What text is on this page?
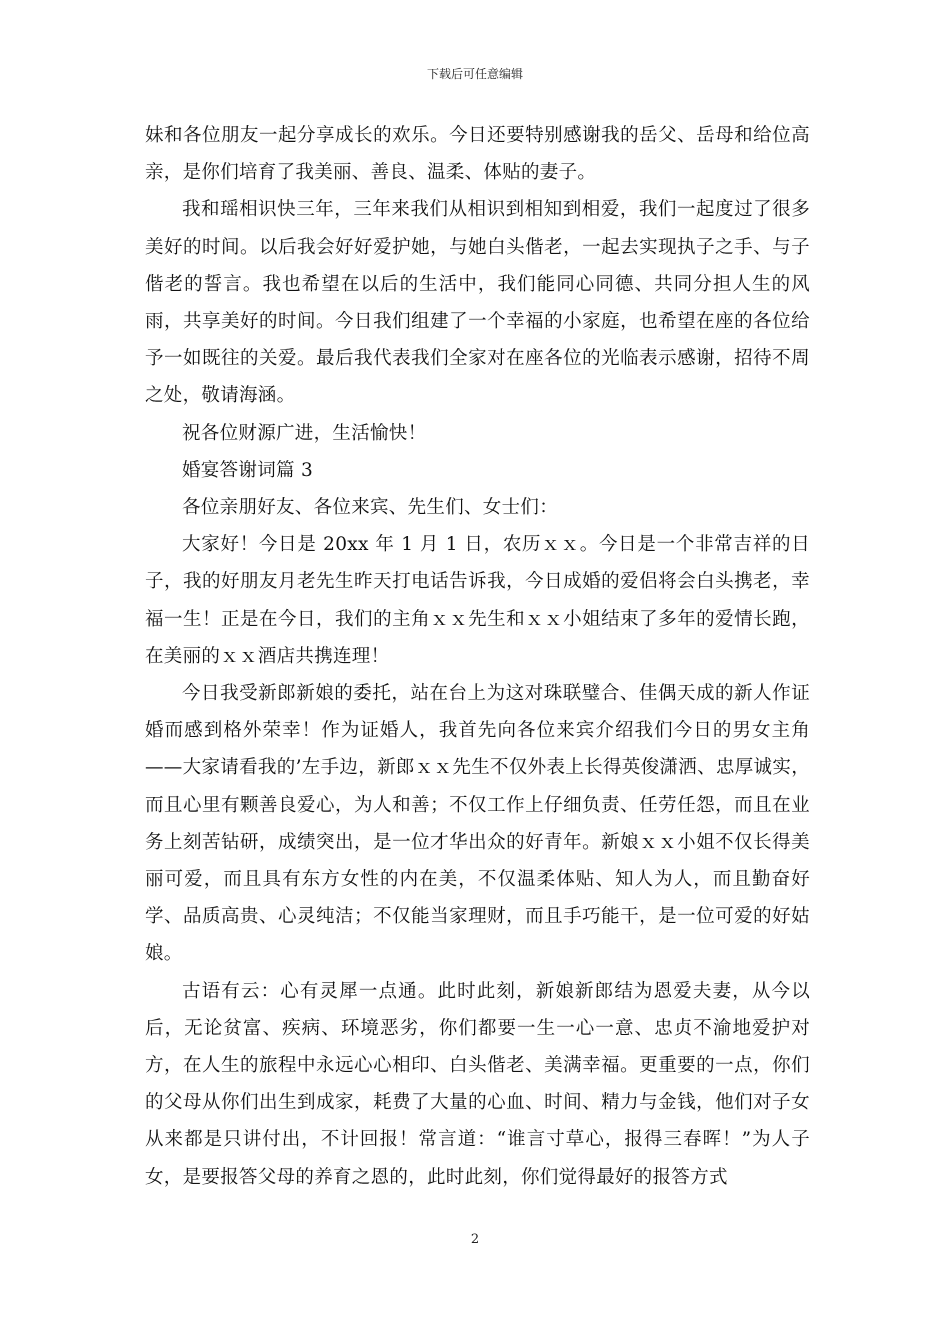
下载后可任意编辑

妹和各位朋友一起分享成长的欢乐。今日还要特别感谢我的岳父、岳母和给位高亲，是你们培育了我美丽、善良、温柔、体贴的妻子。

我和瑶相识快三年，三年来我们从相识到相知到相爱，我们一起度过了很多美好的时间。以后我会好好爱护她，与她白头偕老，一起去实现执子之手、与子偕老的誓言。我也希望在以后的生活中，我们能同心同德、共同分担人生的风雨，共享美好的时间。今日我们组建了一个幸福的小家庭，也希望在座的各位给予一如既往的关爱。最后我代表我们全家对在座各位的光临表示感谢，招待不周之处，敬请海涵。

祝各位财源广进，生活愉快！

婚宴答谢词篇 3

各位亲朋好友、各位来宾、先生们、女士们：

大家好！今日是 20xx 年 1 月 1 日，农历ｘｘ。今日是一个非常吉祥的日子，我的好朋友月老先生昨天打电话告诉我，今日成婚的爱侣将会白头携老，幸福一生！正是在今日，我们的主角ｘｘ先生和ｘｘ小姐结束了多年的爱情长跑，在美丽的ｘｘ酒店共携连理！

今日我受新郎新娘的委托，站在台上为这对珠联璧合、佳偶天成的新人作证婚而感到格外荣幸！作为证婚人，我首先向各位来宾介绍我们今日的男女主角——大家请看我的’左手边，新郎ｘｘ先生不仅外表上长得英俊潇洒、忠厚诚实，而且心里有颗善良爱心，为人和善；不仅工作上仔细负责、任劳任怨，而且在业务上刻苦钻研，成绩突出，是一位才华出众的好青年。新娘ｘｘ小姐不仅长得美丽可爱，而且具有东方女性的内在美，不仅温柔体贴、知人为人，而且勤奋好学、品质高贵、心灵纯洁；不仅能当家理财，而且手巧能干，是一位可爱的好姑娘。

古语有云：心有灵犀一点通。此时此刻，新娘新郎结为恩爱夫妻，从今以后，无论贫富、疾病、环境恶劣，你们都要一生一心一意、忠贞不渝地爱护对方，在人生的旅程中永远心心相印、白头偕老、美满幸福。更重要的一点，你们的父母从你们出生到成家，耗费了大量的心血、时间、精力与金钱，他们对子女从来都是只讲付出，不计回报！常言道：“谁言寸草心，报得三春晖！”为人子女，是要报答父母的养育之恩的，此时此刻，你们觉得最好的报答方式

2
